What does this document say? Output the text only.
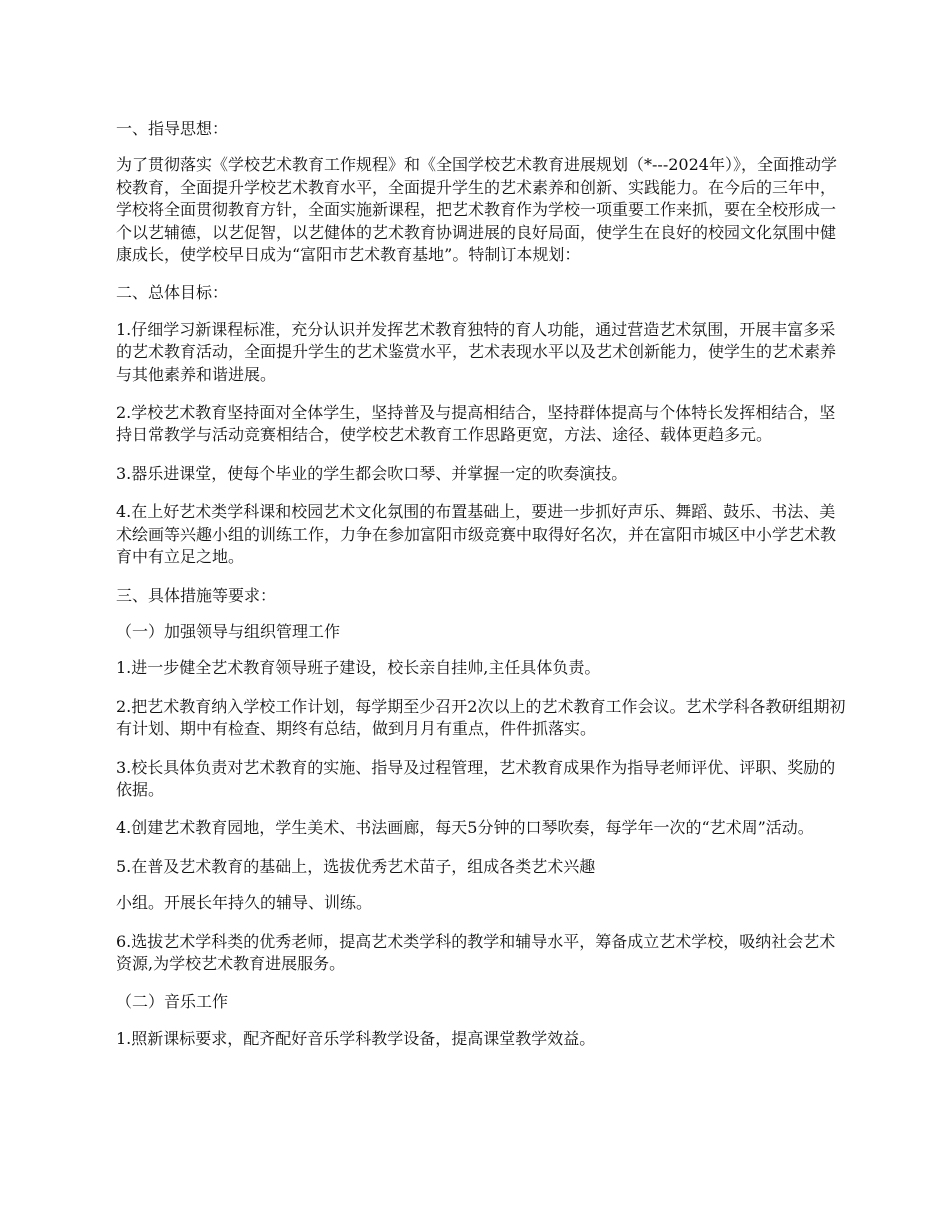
一、指导思想：

为了贯彻落实《学校艺术教育工作规程》和《全国学校艺术教育进展规划（*---2024年）》，全面推动学校教育，全面提升学校艺术教育水平，全面提升学生的艺术素养和创新、实践能力。在今后的三年中，学校将全面贯彻教育方针，全面实施新课程，把艺术教育作为学校一项重要工作来抓，要在全校形成一个以艺辅德，以艺促智，以艺健体的艺术教育协调进展的良好局面，使学生在良好的校园文化氛围中健康成长，使学校早日成为“富阳市艺术教育基地”。特制订本规划：

二、总体目标：

1.仔细学习新课程标准，充分认识并发挥艺术教育独特的育人功能，通过营造艺术氛围，开展丰富多采的艺术教育活动，全面提升学生的艺术鉴赏水平，艺术表现水平以及艺术创新能力，使学生的艺术素养与其他素养和谐进展。

2.学校艺术教育坚持面对全体学生，坚持普及与提高相结合，坚持群体提高与个体特长发挥相结合，坚持日常教学与活动竞赛相结合，使学校艺术教育工作思路更宽，方法、途径、载体更趋多元。

3.器乐进课堂，使每个毕业的学生都会吹口琴、并掌握一定的吹奏演技。

4.在上好艺术类学科课和校园艺术文化氛围的布置基础上，要进一步抓好声乐、舞蹈、鼓乐、书法、美术绘画等兴趣小组的训练工作，力争在参加富阳市级竞赛中取得好名次，并在富阳市城区中小学艺术教育中有立足之地。

三、具体措施等要求：

（一）加强领导与组织管理工作

1.进一步健全艺术教育领导班子建设，校长亲自挂帅,主任具体负责。

2.把艺术教育纳入学校工作计划，每学期至少召开2次以上的艺术教育工作会议。艺术学科各教研组期初有计划、期中有检查、期终有总结，做到月月有重点，件件抓落实。

3.校长具体负责对艺术教育的实施、指导及过程管理，艺术教育成果作为指导老师评优、评职、奖励的依据。

4.创建艺术教育园地，学生美术、书法画廊，每天5分钟的口琴吹奏，每学年一次的“艺术周”活动。

5.在普及艺术教育的基础上，选拔优秀艺术苗子，组成各类艺术兴趣

小组。开展长年持久的辅导、训练。

6.选拔艺术学科类的优秀老师，提高艺术类学科的教学和辅导水平，筹备成立艺术学校，吸纳社会艺术资源,为学校艺术教育进展服务。

（二）音乐工作

1.照新课标要求，配齐配好音乐学科教学设备，提高课堂教学效益。
